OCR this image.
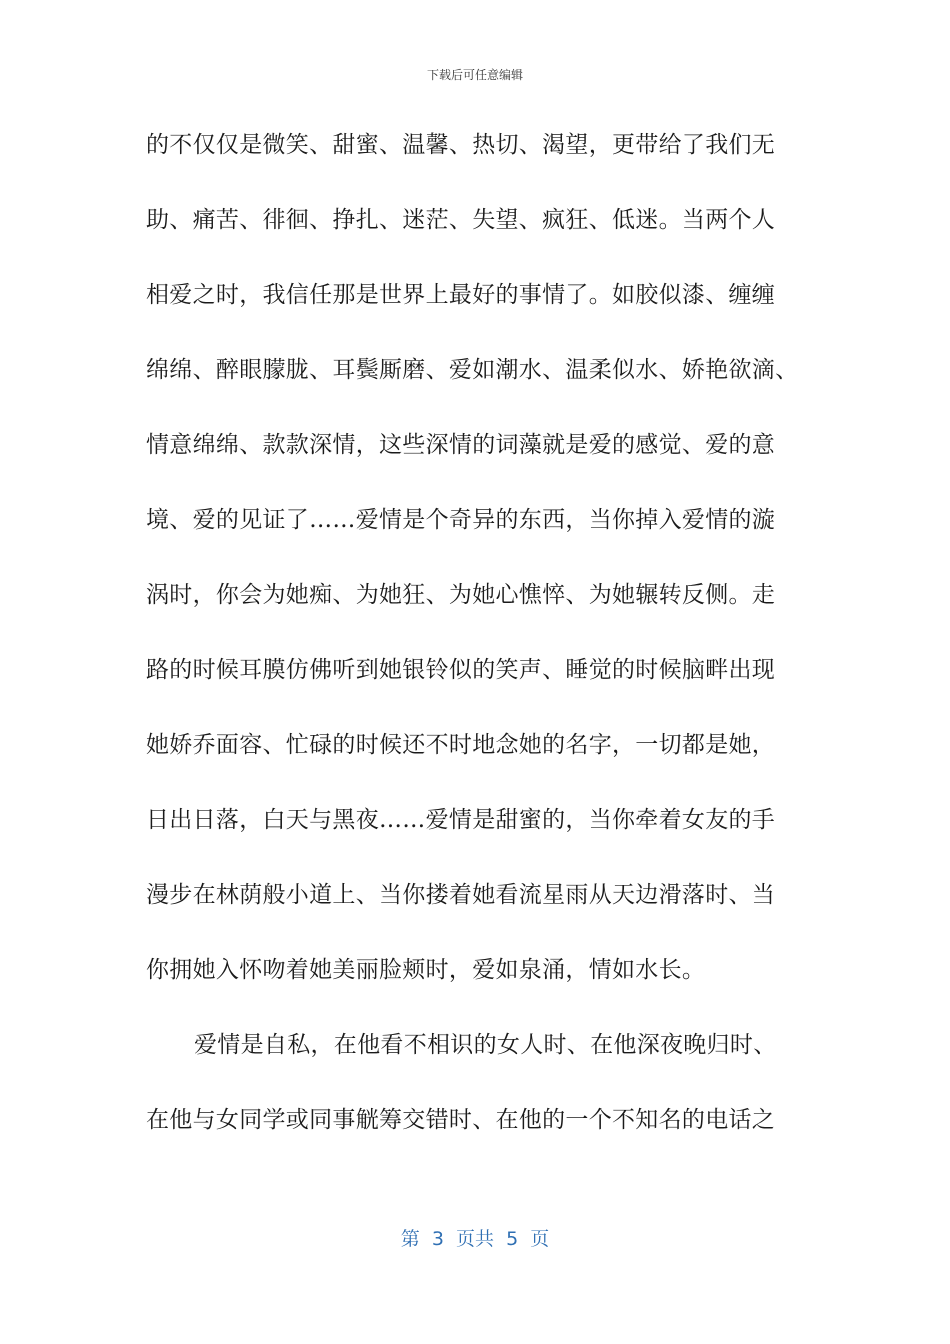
下载后可任意编辑
的不仅仅是微笑、甜蜜、温馨、热切、渴望，更带给了我们无
助、痛苦、徘徊、挣扎、迷茫、失望、疯狂、低迷。当两个人
相爱之时，我信任那是世界上最好的事情了。如胶似漆、缠缠
绵绵、醉眼朦胧、耳鬓厮磨、爱如潮水、温柔似水、娇艳欲滴、
情意绵绵、款款深情，这些深情的词藻就是爱的感觉、爱的意
境、爱的见证了……爱情是个奇异的东西，当你掉入爱情的漩
涡时，你会为她痴、为她狂、为她心憔悴、为她辗转反侧。走
路的时候耳膜仿佛听到她银铃似的笑声、睡觉的时候脑畔出现
她娇乔面容、忙碌的时候还不时地念她的名字，一切都是她，
日出日落，白天与黑夜……爱情是甜蜜的，当你牵着女友的手
漫步在林荫般小道上、当你搂着她看流星雨从天边滑落时、当
你拥她入怀吻着她美丽脸颊时，爱如泉涌，情如水长。
爱情是自私，在他看不相识的女人时、在他深夜晚归时、
在他与女同学或同事觥筹交错时、在他的一个不知名的电话之
第  3  页共  5  页
